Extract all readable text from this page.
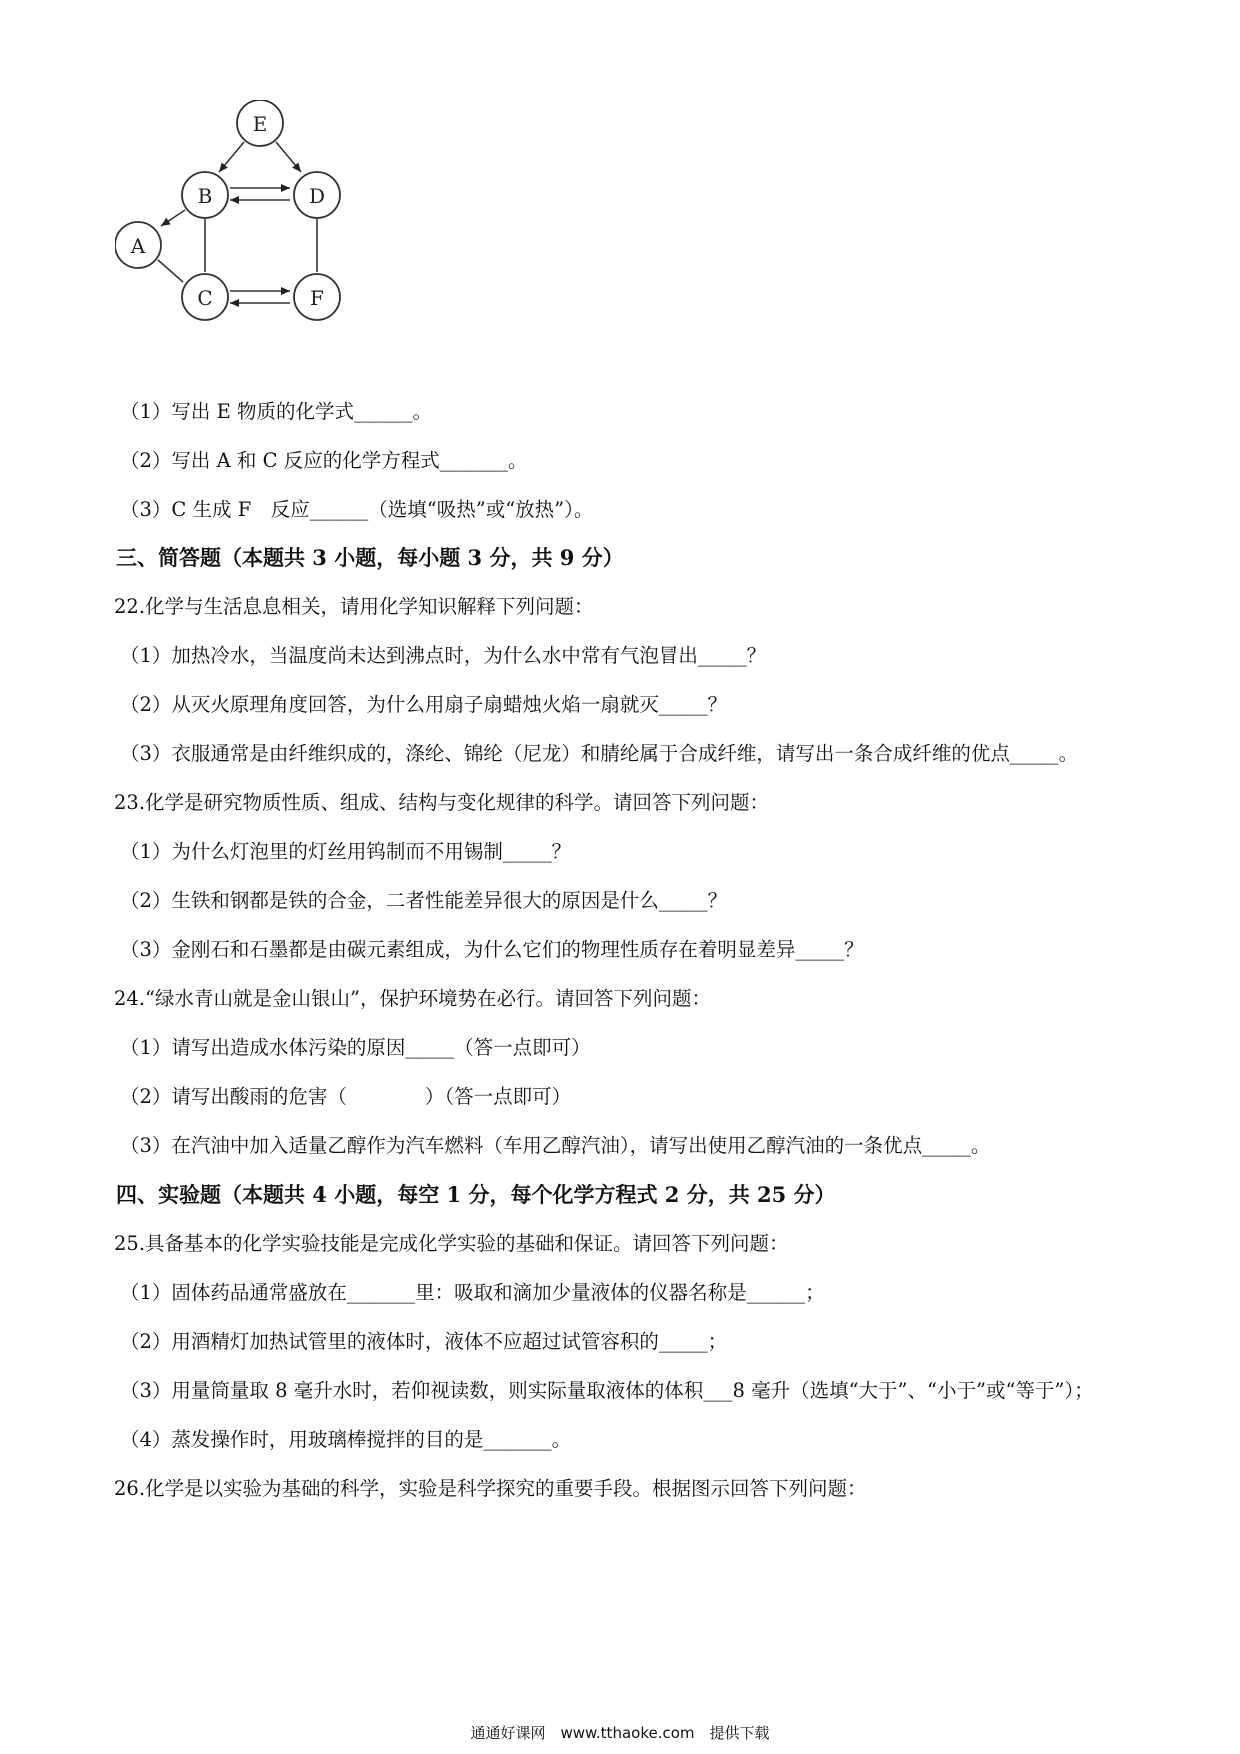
E
B	D
A
C	F
（1）写出 E 物质的化学式______。
（2）写出 A 和 C 反应的化学方程式_______。
（3）C 生成 F　反应______（选填“吸热”或“放热”）。
三、简答题（本题共 3 小题，每小题 3 分，共 9 分）
22.化学与生活息息相关，请用化学知识解释下列问题：
（1）加热冷水，当温度尚未达到沸点时，为什么水中常有气泡冒出_____？
（2）从灭火原理角度回答，为什么用扇子扇蜡烛火焰一扇就灭_____？
（3）衣服通常是由纤维织成的，涤纶、锦纶（尼龙）和腈纶属于合成纤维，请写出一条合成纤维的优点_____。
23.化学是研究物质性质、组成、结构与变化规律的科学。请回答下列问题：
（1）为什么灯泡里的灯丝用钨制而不用锡制_____？
（2）生铁和钢都是铁的合金，二者性能差异很大的原因是什么_____？
（3）金刚石和石墨都是由碳元素组成，为什么它们的物理性质存在着明显差异_____？
24.“绿水青山就是金山银山”，保护环境势在必行。请回答下列问题：
（1）请写出造成水体污染的原因_____（答一点即可）
（2）请写出酸雨的危害（　　　　）（答一点即可）
（3）在汽油中加入适量乙醇作为汽车燃料（车用乙醇汽油），请写出使用乙醇汽油的一条优点_____。
四、实验题（本题共 4 小题，每空 1 分，每个化学方程式 2 分，共 25 分）
25.具备基本的化学实验技能是完成化学实验的基础和保证。请回答下列问题：
（1）固体药品通常盛放在_______里：吸取和滴加少量液体的仪器名称是______；
（2）用酒精灯加热试管里的液体时，液体不应超过试管容积的_____；
（3）用量筒量取 8 毫升水时，若仰视读数，则实际量取液体的体积___8 毫升（选填“大于”、“小于”或“等于”）；
（4）蒸发操作时，用玻璃棒搅拌的目的是_______。
26.化学是以实验为基础的科学，实验是科学探究的重要手段。根据图示回答下列问题：
通通好课网　www.tthaoke.com　提供下载
